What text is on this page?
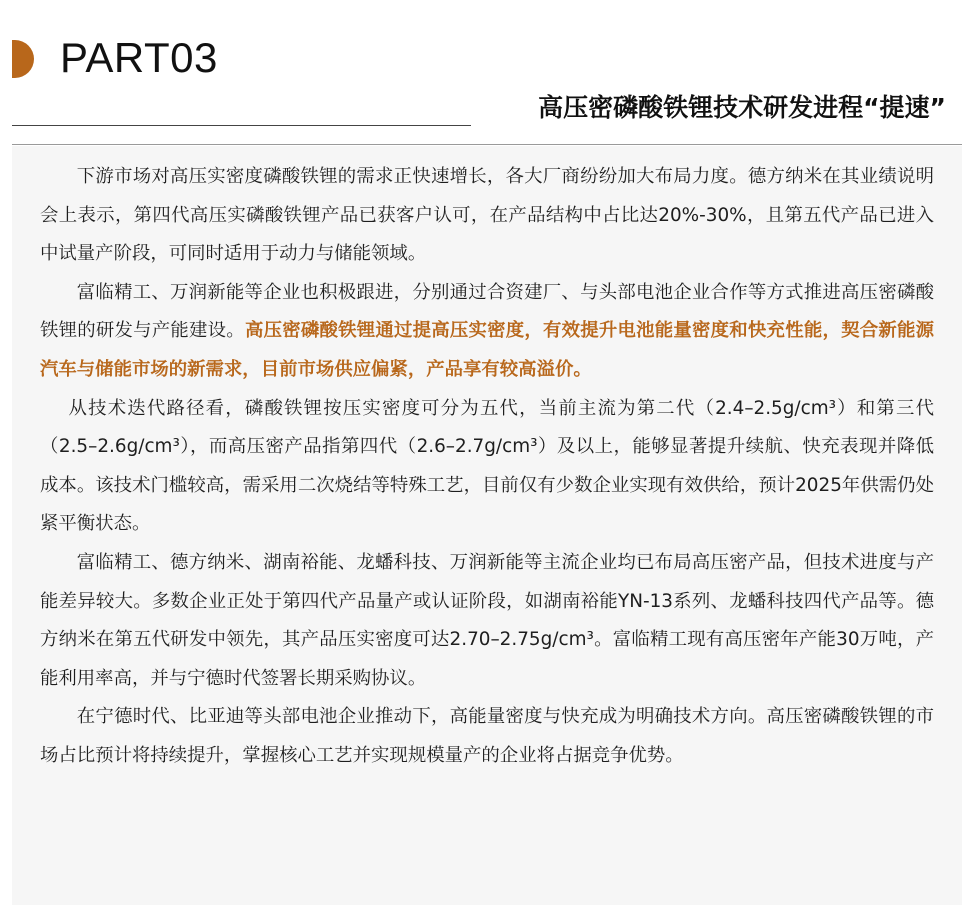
PART03
高压密磷酸铁锂技术研发进程“提速”

下游市场对高压实密度磷酸铁锂的需求正快速增长，各大厂商纷纷加大布局力度。德方纳米在其业绩说明会上表示，第四代高压实磷酸铁锂产品已获客户认可，在产品结构中占比达20%-30%，且第五代产品已进入中试量产阶段，可同时适用于动力与储能领域。

富临精工、万润新能等企业也积极跟进，分别通过合资建厂、与头部电池企业合作等方式推进高压密磷酸铁锂的研发与产能建设。高压密磷酸铁锂通过提高压实密度，有效提升电池能量密度和快充性能，契合新能源汽车与储能市场的新需求，目前市场供应偏紧，产品享有较高溢价。

从技术迭代路径看，磷酸铁锂按压实密度可分为五代，当前主流为第二代（2.4–2.5g/cm³）和第三代（2.5–2.6g/cm³），而高压密产品指第四代（2.6–2.7g/cm³）及以上，能够显著提升续航、快充表现并降低成本。该技术门槛较高，需采用二次烧结等特殊工艺，目前仅有少数企业实现有效供给，预计2025年供需仍处紧平衡状态。

富临精工、德方纳米、湖南裕能、龙蟠科技、万润新能等主流企业均已布局高压密产品，但技术进度与产能差异较大。多数企业正处于第四代产品量产或认证阶段，如湖南裕能YN-13系列、龙蟠科技四代产品等。德方纳米在第五代研发中领先，其产品压实密度可达2.70–2.75g/cm³。富临精工现有高压密年产能30万吨，产能利用率高，并与宁德时代签署长期采购协议。

在宁德时代、比亚迪等头部电池企业推动下，高能量密度与快充成为明确技术方向。高压密磷酸铁锂的市场占比预计将持续提升，掌握核心工艺并实现规模量产的企业将占据竞争优势。
